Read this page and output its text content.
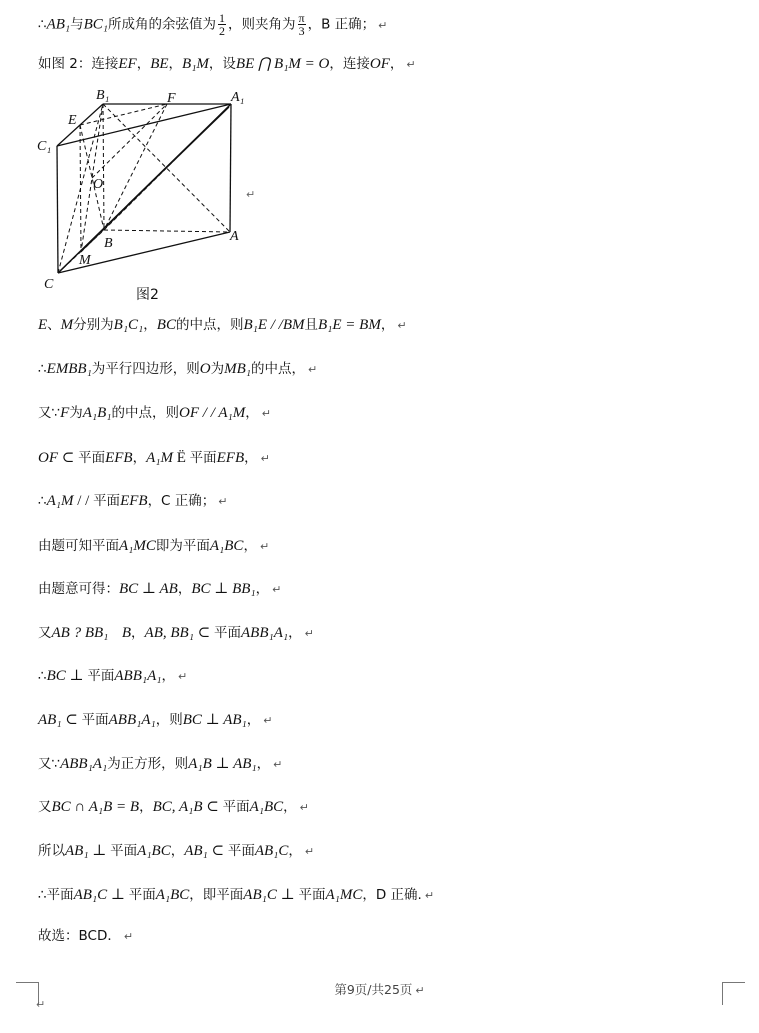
∴AB₁与BC₁所成角的余弦值为 $\frac{1}{2}$ ，则夹角为 $\frac{\pi}{3}$ ，B 正确； ↵
如图 2：连接EF，BE，B₁M，设BE ⋂ B₁M = O，连接OF， ↵
E、M分别为B₁C₁，BC的中点，则B₁E / /BM且B₁E = BM， ↵
∴EMBB₁为平行四边形，则O为MB₁的中点， ↵
又∵F为A₁B₁的中点，则OF / / A₁M， ↵
OF ⊂ 平面EFB，A₁M Ë 平面EFB， ↵
∴A₁M / / 平面EFB，C 正确； ↵
由题可知平面A₁MC即为平面A₁BC， ↵
由题意可得：BC ⊥ AB，BC ⊥ BB₁， ↵
又AB ? BB₁　 B，AB, BB₁ ⊂ 平面ABB₁A₁， ↵
∴BC ⊥ 平面ABB₁A₁， ↵
AB₁ ⊂ 平面ABB₁A₁，则BC ⊥ AB₁， ↵
又∵ABB₁A₁为正方形，则A₁B ⊥ AB₁， ↵
又BC ∩ A₁B = B，BC, A₁B ⊂ 平面A₁BC， ↵
所以AB₁ ⊥ 平面A₁BC，AB₁ ⊂ 平面AB₁C， ↵
∴平面AB₁C ⊥ 平面A₁BC，即平面AB₁C ⊥ 平面A₁MC，D 正确. ↵
故选：BCD． ↵
B₁	F	A₁
E
C₁
O
B	A
M
C
图2
↵
↵
第9页/共25页 ↵
